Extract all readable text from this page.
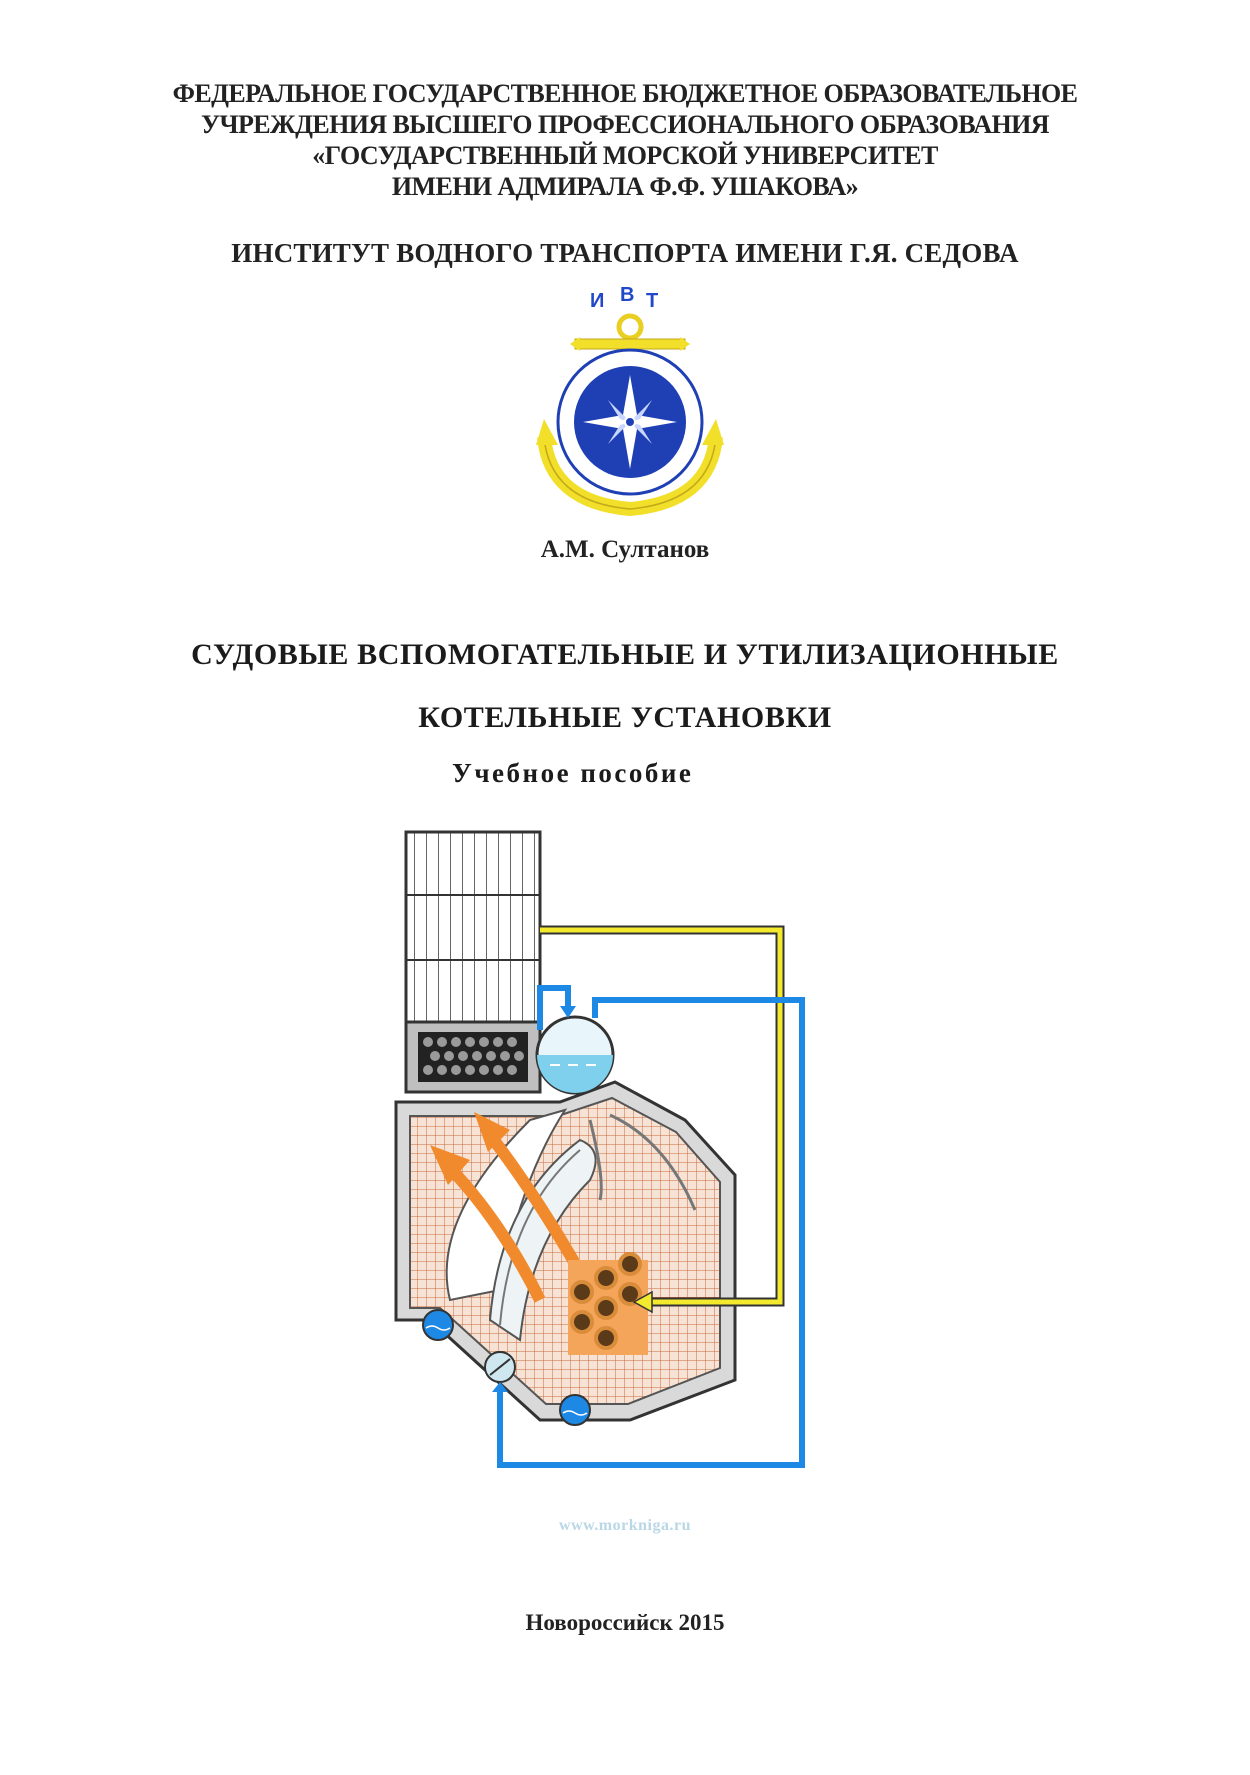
ФЕДЕРАЛЬНОЕ ГОСУДАРСТВЕННОЕ БЮДЖЕТНОЕ ОБРАЗОВАТЕЛЬНОЕ
УЧРЕЖДЕНИЯ ВЫСШЕГО ПРОФЕССИОНАЛЬНОГО ОБРАЗОВАНИЯ
«ГОСУДАРСТВЕННЫЙ МОРСКОЙ УНИВЕРСИТЕТ
ИМЕНИ АДМИРАЛА Ф.Ф. УШАКОВА»
ИНСТИТУТ ВОДНОГО ТРАНСПОРТА ИМЕНИ Г.Я. СЕДОВА
И В Т
А.М. Султанов
СУДОВЫЕ ВСПОМОГАТЕЛЬНЫЕ И УТИЛИЗАЦИОННЫЕ
КОТЕЛЬНЫЕ УСТАНОВКИ
Учебное пособие
www.morkniga.ru
Новороссийск 2015
